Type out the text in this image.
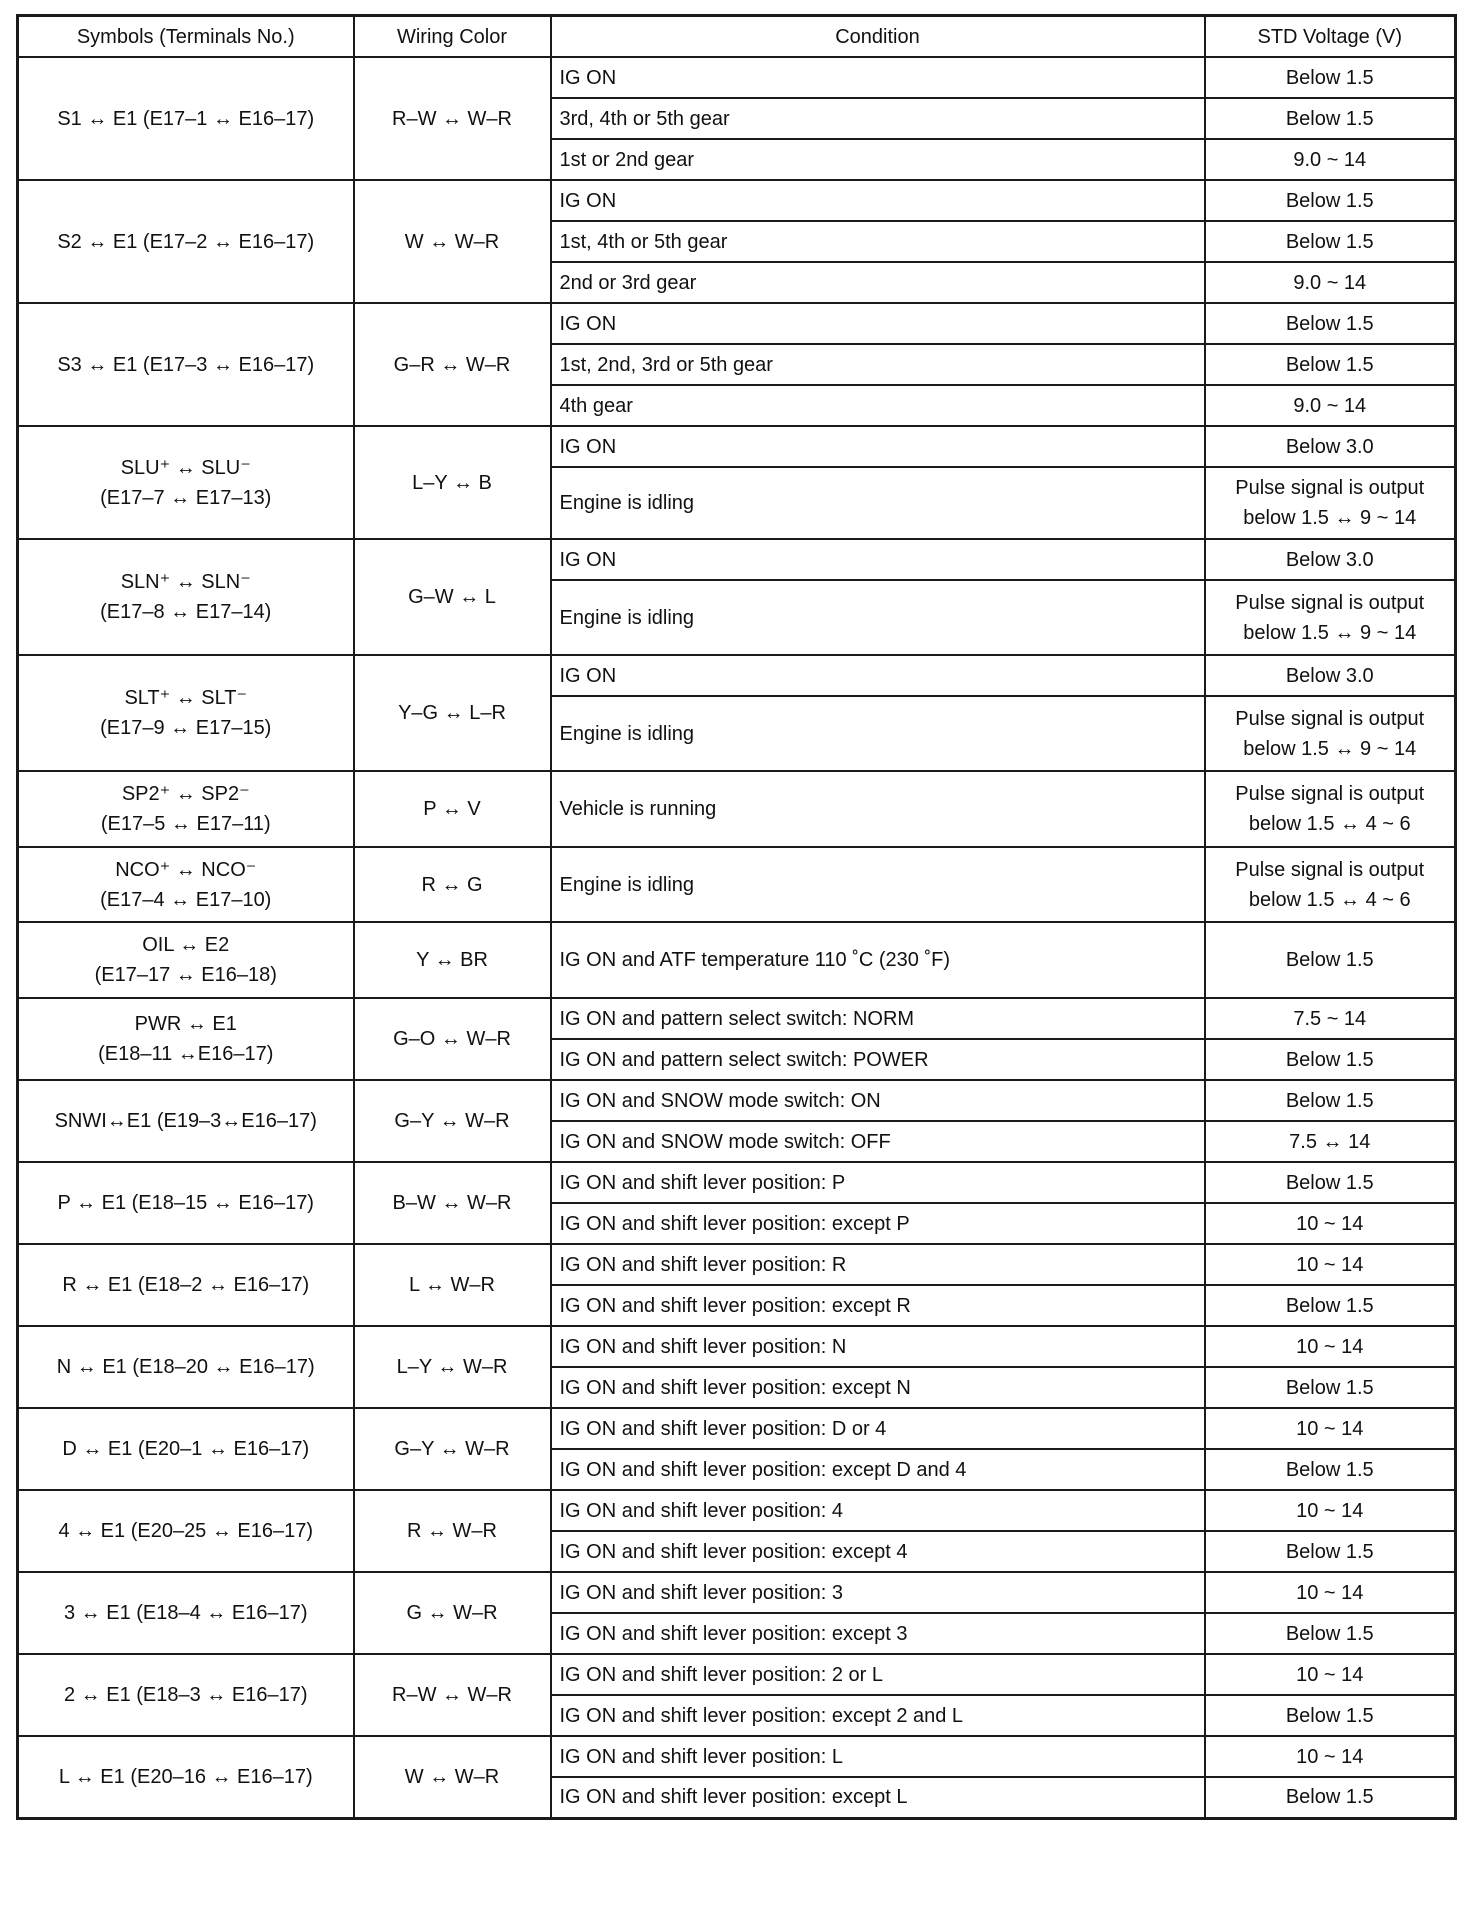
Symbols (Terminals No.)	Wiring Color	Condition	STD Voltage (V)

S1 ↔ E1 (E17–1 ↔ E16–17)	R–W ↔ W–R	IG ON	Below 1.5

		3rd, 4th or 5th gear	Below 1.5

		1st or 2nd gear	9.0 ~ 14

S2 ↔ E1 (E17–2 ↔ E16–17)	W ↔ W–R	IG ON	Below 1.5

		1st, 4th or 5th gear	Below 1.5

		2nd or 3rd gear	9.0 ~ 14

S3 ↔ E1 (E17–3 ↔ E16–17)	G–R ↔ W–R	IG ON	Below 1.5

		1st, 2nd, 3rd or 5th gear	Below 1.5

		4th gear	9.0 ~ 14

SLU⁺ ↔ SLU⁻
(E17–7 ↔ E17–13)	L–Y ↔ B	IG ON	Below 3.0

		Engine is idling	Pulse signal is output
below 1.5 ↔ 9 ~ 14

SLN⁺ ↔ SLN⁻
(E17–8 ↔ E17–14)	G–W ↔ L	IG ON	Below 3.0

		Engine is idling	Pulse signal is output
below 1.5 ↔ 9 ~ 14

SLT⁺ ↔ SLT⁻
(E17–9 ↔ E17–15)	Y–G ↔ L–R	IG ON	Below 3.0

		Engine is idling	Pulse signal is output
below 1.5 ↔ 9 ~ 14

SP2⁺ ↔ SP2⁻
(E17–5 ↔ E17–11)	P ↔ V	Vehicle is running	Pulse signal is output
below 1.5 ↔ 4 ~ 6

NCO⁺ ↔ NCO⁻
(E17–4 ↔ E17–10)	R ↔ G	Engine is idling	Pulse signal is output
below 1.5 ↔ 4 ~ 6

OIL ↔ E2
(E17–17 ↔ E16–18)	Y ↔ BR	IG ON and ATF temperature 110 ˚C (230 ˚F)	Below 1.5

PWR ↔ E1
(E18–11 ↔E16–17)	G–O ↔ W–R	IG ON and pattern select switch: NORM	7.5 ~ 14

		IG ON and pattern select switch: POWER	Below 1.5

SNWI↔E1 (E19–3↔E16–17)	G–Y ↔ W–R	IG ON and SNOW mode switch: ON	Below 1.5

		IG ON and SNOW mode switch: OFF	7.5 ↔ 14

P ↔ E1 (E18–15 ↔ E16–17)	B–W ↔ W–R	IG ON and shift lever position: P	Below 1.5

		IG ON and shift lever position: except P	10 ~ 14

R ↔ E1 (E18–2 ↔ E16–17)	L ↔ W–R	IG ON and shift lever position: R	10 ~ 14

		IG ON and shift lever position: except R	Below 1.5

N ↔ E1 (E18–20 ↔ E16–17)	L–Y ↔ W–R	IG ON and shift lever position: N	10 ~ 14

		IG ON and shift lever position: except N	Below 1.5

D ↔ E1 (E20–1 ↔ E16–17)	G–Y ↔ W–R	IG ON and shift lever position: D or 4	10 ~ 14

		IG ON and shift lever position: except D and 4	Below 1.5

4 ↔ E1 (E20–25 ↔ E16–17)	R ↔ W–R	IG ON and shift lever position: 4	10 ~ 14

		IG ON and shift lever position: except 4	Below 1.5

3 ↔ E1 (E18–4 ↔ E16–17)	G ↔ W–R	IG ON and shift lever position: 3	10 ~ 14

		IG ON and shift lever position: except 3	Below 1.5

2 ↔ E1 (E18–3 ↔ E16–17)	R–W ↔ W–R	IG ON and shift lever position: 2 or L	10 ~ 14

		IG ON and shift lever position: except 2 and L	Below 1.5

L ↔ E1 (E20–16 ↔ E16–17)	W ↔ W–R	IG ON and shift lever position: L	10 ~ 14

		IG ON and shift lever position: except L	Below 1.5
